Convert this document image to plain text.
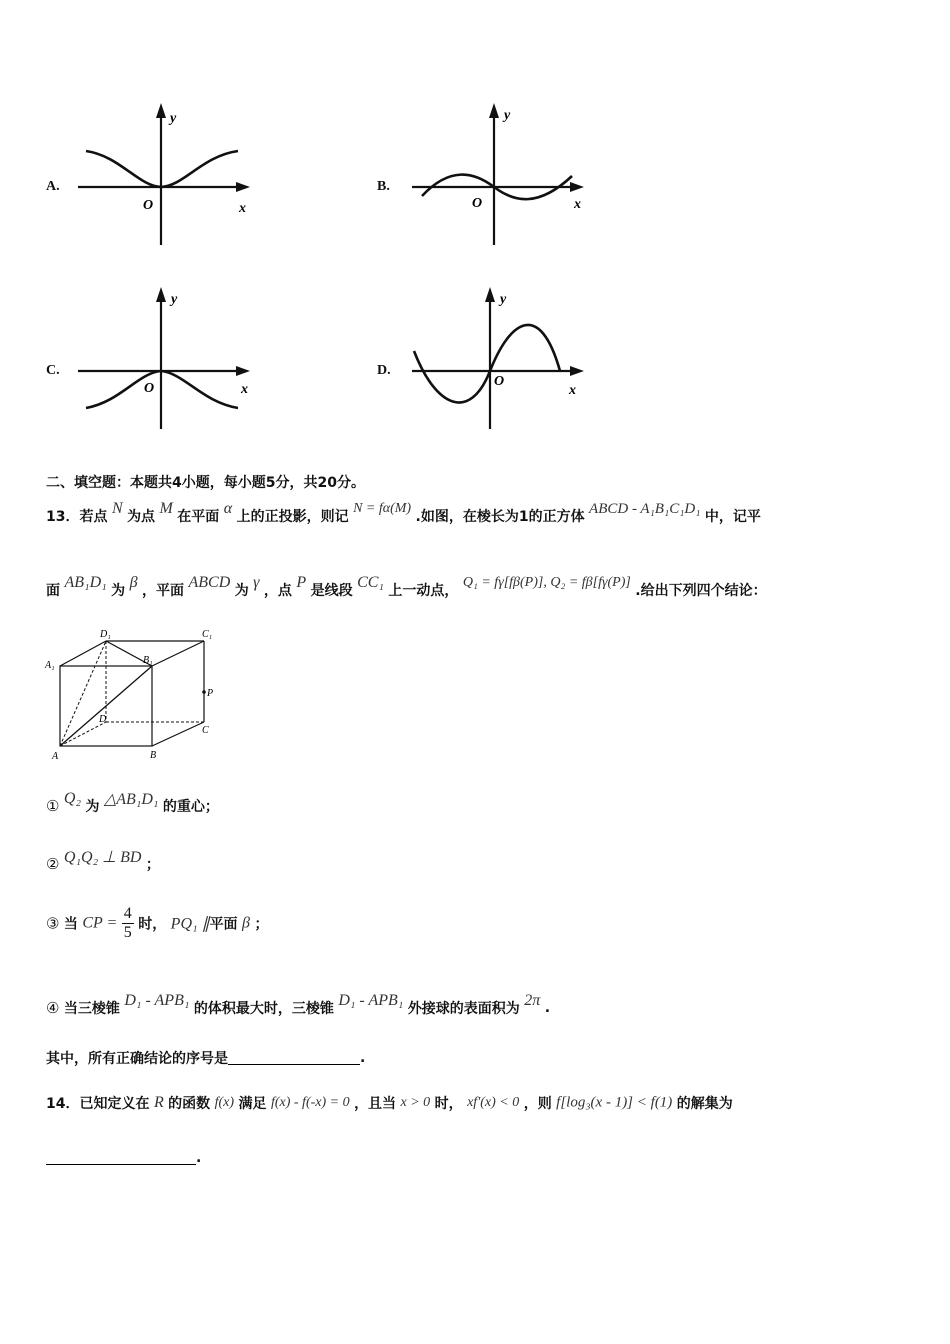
A.
y
x
O
B.
y
x
O
C.
y
x
O
D.
y
x
O
二、填空题：本题共4小题，每小题5分，共20分。
13．若点 N 为点 M 在平面 α 上的正投影，则记 N = fα(M) .如图，在棱长为1的正方体 ABCD - A₁B₁C₁D₁ 中，记平
面 AB₁D₁ 为 β ，平面 ABCD 为 γ ，点 P 是线段 CC₁ 上一动点， Q₁ = fγ[fβ(P)], Q₂ = fβ[fγ(P)] .给出下列四个结论：
D₁	C₁
A₁	B₁
P
D
C
A	B
① Q₂ 为 △AB₁D₁ 的重心；
② Q₁Q₂ ⊥ BD ；
③ 当 CP = $\frac{4}{5}$ 时， PQ₁ ∥平面 β ；
④ 当三棱锥 D₁ - APB₁ 的体积最大时，三棱锥 D₁ - APB₁ 外接球的表面积为 2π .
其中，所有正确结论的序号是	.
14．已知定义在 R 的函数 f(x) 满足 f(x) - f(-x) = 0 ，且当 x > 0 时， xf′(x) < 0 ，则 f[log₃(x - 1)] < f(1) 的解集为
.
